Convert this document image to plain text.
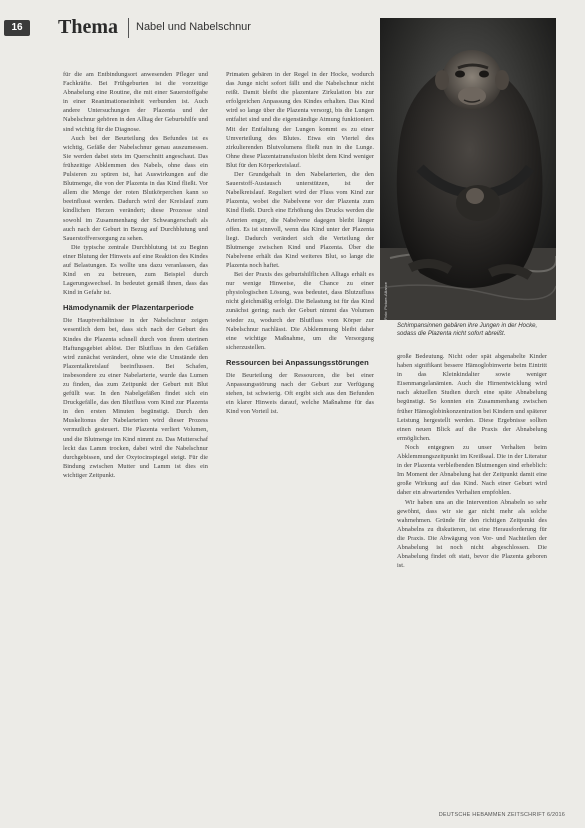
16	Thema Nabel und Nabelschnur

für die am Entbindungsort anwesenden Pfleger und Fachkräfte. Bei Frühgeburten ist die vorzeitige Abnabelung eine Routine, die mit einer Sauerstoffgabe in einer Reanimationseinheit verbunden ist. Auch andere Untersuchungen der Plazenta und der Nabelschnur gehören in den Alltag der Geburtshilfe und sind wichtig für die Diagnose.

Auch bei der Beurteilung des Befundes ist es wichtig, Gefäße der Nabelschnur genau auszumessen. Sie werden dabei stets im Querschnitt angeschaut. Das frühzeitige Abklemmen des Nabels, ohne dass ein Pulsieren zu spüren ist, hat Auswirkungen auf die Blutmenge, die von der Plazenta in das Kind fließt. Vor allem die Menge der roten Blutkörperchen kann so beeinflusst werden. Dadurch wird der Kreislauf zum kindlichen Herzen verändert; diese Prozesse sind sowohl im Zusammenhang der Schwangerschaft als auch nach der Geburt in Bezug auf Durchblutung und Sauerstoffversorgung zu sehen.

Die typische zentrale Durchblutung ist zu Beginn einer Blutung der Hinweis auf eine Reaktion des Kindes auf Belastungen. Es wollte uns dazu veranlassen, das Kind en zu betreuen, zum Beispiel durch Lagerungswechsel. In bedeutet gemäß ihnen, dass das Kind in Gefahr ist.

Hämodynamik der Plazentarperiode

Die Hauptverhältnisse in der Nabelschnur zeigen wesentlich dem bei, dass sich nach der Geburt des Kindes die Plazenta schnell durch von ihrem uterinen Haftungsgebiet ablöst. Der Blutfluss in den Gefäßen wird zunächst verändert, ohne wie die Umstände den Plazentalkreislauf beeinflussen. Bei Schafen, insbesondere zu einer Nabelarterie, wurde das Lumen zu finden, das zum Zeitpunkt der Geburt mit Blut gefüllt war. In den Nabelgefäßen findet sich ein Druckgefälle, das den Blutfluss vom Kind zur Plazenta in den ersten Minuten begünstigt. Durch den Muskeltonus der Nabelarterien wird dieser Prozess vermutlich gesteuert. Die Plazenta verliert Volumen, und die Blutmenge im Kind nimmt zu. Das Mutterschaf leckt das Lamm trocken, dabei wird die Nabelschnur durchgebissen, und der Oxytocinspiegel steigt. Für die Bindung zwischen Mutter und Lamm ist dies ein wichtiger Zeitpunkt.

Primaten gebären in der Regel in der Hocke, wodurch das Junge nicht sofort fällt und die Nabelschnur nicht reißt. Damit bleibt die plazentare Zirkulation bis zur erfolgreichen Anpassung des Kindes erhalten. Das Kind wird so lange über die Plazenta versorgt, bis die Lungen entfaltet sind und die eigenständige Atmung funktioniert. Mit der Entfaltung der Lungen kommt es zu einer Umverteilung des Blutes. Etwa ein Viertel des zirkulierenden Blutvolumens fließt nun in die Lunge. Ohne diese Plazentatransfusion bleibt dem Kind weniger Blut für den Körperkreislauf.

Der Grundgehalt in den Nabelarterien, die den Sauerstoff-Austausch unterstützen, ist der Nabelkreislauf. Reguliert wird der Fluss vom Kind zur Plazenta, wobei die Nabelvene vor der Plazenta zum Kind fließt. Durch eine Erhöhung des Drucks werden die Arterien enger, die Nabelvene dagegen bleibt länger offen. Es ist sinnvoll, wenn das Kind unter der Plazenta liegt. Dadurch verändert sich die Verteilung der Blutmenge zwischen Kind und Plazenta. Über die Nabelvene erhält das Kind weiteres Blut, so lange die Plazenta noch haftet.

Bei der Praxis des geburtshilflichen Alltags erhält es nur wenige Hinweise, die Chance zu einer physiologischen Lösung, was bedeutet, dass Blutzufluss nicht gleichmäßig erfolgt. Die Belastung ist für das Kind zunächst gering; nach der Geburt nimmt das Volumen wieder zu, wodurch der Blutfluss vom Körper zur Nabelschnur nachlässt. Die Abklemmung bleibt daher eine wichtige Maßnahme, um die Versorgung sicherzustellen.

Ressourcen bei Anpassungsstörungen

Die Beurteilung der Ressourcen, die bei einer Anpassungsstörung nach der Geburt zur Verfügung stehen, ist schwierig. Oft ergibt sich aus den Befunden ein klarer Hinweis darauf, welche Maßnahme für das Kind von Vorteil ist.

Foto: Picture-Alliance
Schimpansinnen gebären ihre Jungen in der Hocke, sodass die Plazenta nicht sofort abreißt.

große Bedeutung. Nicht oder spät abgenabelte Kinder haben signifikant bessere Hämoglobinwerte beim Eintritt in das Kleinkindalter sowie weniger Eisenmangelanämien. Auch die Hirnentwicklung wird nach aktuellen Studien durch eine späte Abnabelung begünstigt. So konnten ein Zusammenhang zwischen früher Hämoglobinkonzentration bei Kindern und späterer Leistung hergestellt werden. Diese Ergebnisse sollten einen neuen Blick auf die Praxis der Abnabelung ermöglichen.

Noch entgegnen zu unser Verhalten beim Abklemmungszeitpunkt im Kreißsaal. Die in der Literatur in der Plazenta verbleibenden Blutmengen sind erheblich: Im Moment der Abnabelung hat der Zeitpunkt damit eine große Wirkung auf das Kind. Nach einer Geburt wird daher ein abwartendes Verhalten empfohlen.

Wir haben uns an die Intervention Abnabeln so sehr gewöhnt, dass wir sie gar nicht mehr als solche wahrnehmen. Gründe für den richtigen Zeitpunkt des Abnabelns zu diskutieren, ist eine Herausforderung für die Praxis. Die Abwägung von Vor- und Nachteilen der Abnabelung ist noch nicht abgeschlossen. Die Abnabelung findet oft statt, bevor die Plazenta geboren ist.

DEUTSCHE HEBAMMEN ZEITSCHRIFT 6/2016
